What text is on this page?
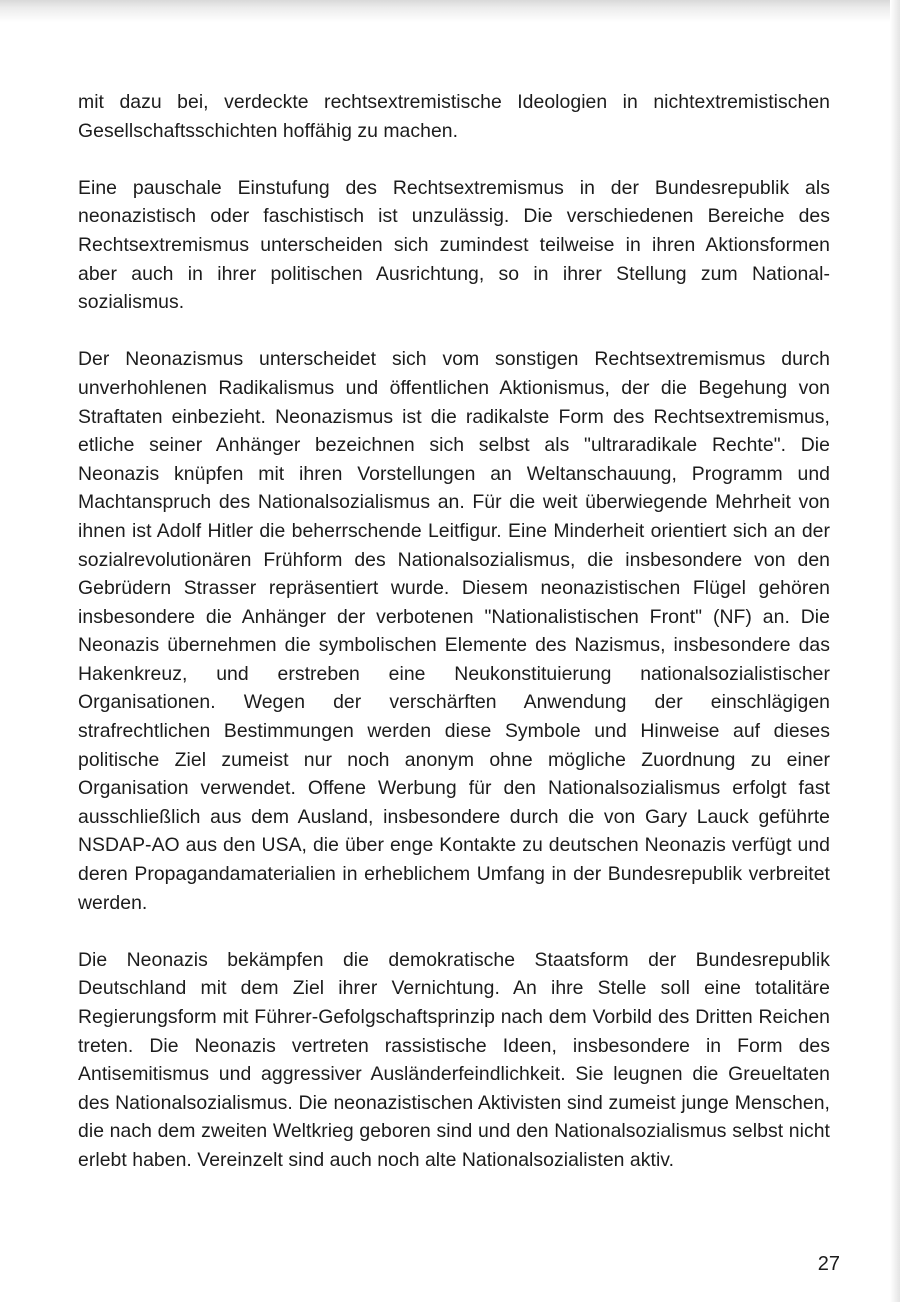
mit dazu bei, verdeckte rechtsextremistische Ideologien in nichtextremistischen Gesellschaftsschichten hoffähig zu machen.

Eine pauschale Einstufung des Rechtsextremismus in der Bundesrepublik als neonazistisch oder faschistisch ist unzulässig. Die verschiedenen Bereiche des Rechtsextremismus unterscheiden sich zumindest teilweise in ihren Aktionsformen aber auch in ihrer politischen Ausrichtung, so in ihrer Stellung zum National-sozialismus.

Der Neonazismus unterscheidet sich vom sonstigen Rechtsextremismus durch unverhohlenen Radikalismus und öffentlichen Aktionismus, der die Begehung von Straftaten einbezieht. Neonazismus ist die radikalste Form des Rechtsextremismus, etliche seiner Anhänger bezeichnen sich selbst als "ultraradikale Rechte". Die Neonazis knüpfen mit ihren Vorstellungen an Weltanschauung, Programm und Machtanspruch des Nationalsozialismus an. Für die weit überwiegende Mehrheit von ihnen ist Adolf Hitler die beherrschende Leitfigur. Eine Minderheit orientiert sich an der sozialrevolutionären Frühform des Nationalsozialismus, die insbesondere von den Gebrüdern Strasser repräsentiert wurde. Diesem neonazistischen Flügel gehören insbesondere die Anhänger der verbotenen "Nationalistischen Front" (NF) an. Die Neonazis übernehmen die symbolischen Elemente des Nazismus, insbesondere das Hakenkreuz, und erstreben eine Neukonstituierung nationalsozialistischer Organisationen. Wegen der verschärften Anwendung der einschlägigen strafrechtlichen Bestimmungen werden diese Symbole und Hinweise auf dieses politische Ziel zumeist nur noch anonym ohne mögliche Zuordnung zu einer Organisation verwendet. Offene Werbung für den Nationalsozialismus erfolgt fast ausschließlich aus dem Ausland, insbesondere durch die von Gary Lauck geführte NSDAP-AO aus den USA, die über enge Kontakte zu deutschen Neonazis verfügt und deren Propagandamaterialien in erheblichem Umfang in der Bundesrepublik verbreitet werden.

Die Neonazis bekämpfen die demokratische Staatsform der Bundesrepublik Deutschland mit dem Ziel ihrer Vernichtung. An ihre Stelle soll eine totalitäre Regierungsform mit Führer-Gefolgschaftsprinzip nach dem Vorbild des Dritten Reichen treten. Die Neonazis vertreten rassistische Ideen, insbesondere in Form des Antisemitismus und aggressiver Ausländerfeindlichkeit. Sie leugnen die Greueltaten des Nationalsozialismus. Die neonazistischen Aktivisten sind zumeist junge Menschen, die nach dem zweiten Weltkrieg geboren sind und den Nationalsozialismus selbst nicht erlebt haben. Vereinzelt sind auch noch alte Nationalsozialisten aktiv.

27
